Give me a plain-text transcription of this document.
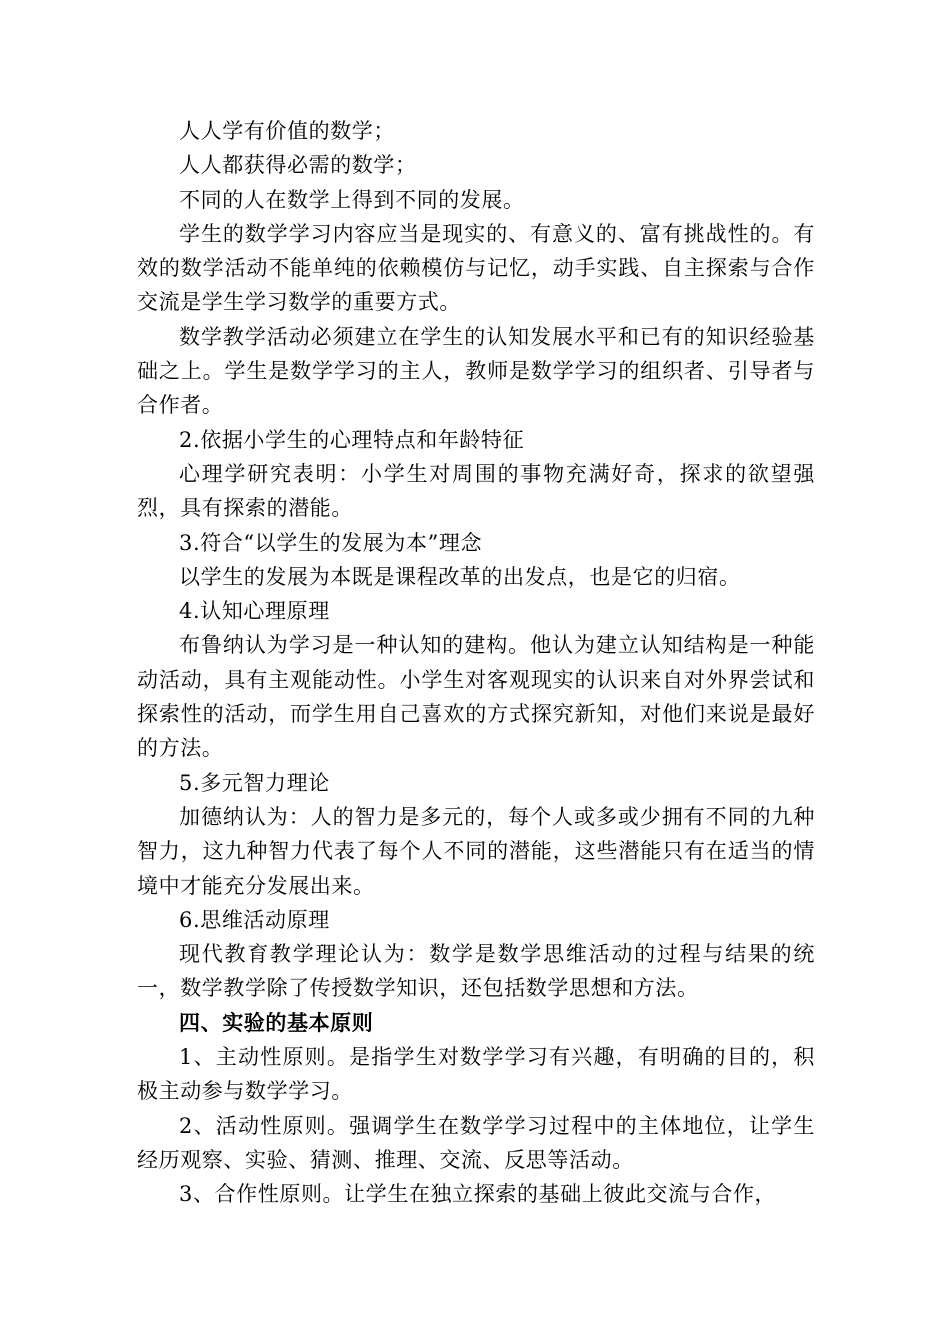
人人学有价值的数学；

人人都获得必需的数学；

不同的人在数学上得到不同的发展。

学生的数学学习内容应当是现实的、有意义的、富有挑战性的。有效的数学活动不能单纯的依赖模仿与记忆，动手实践、自主探索与合作交流是学生学习数学的重要方式。

数学教学活动必须建立在学生的认知发展水平和已有的知识经验基础之上。学生是数学学习的主人，教师是数学学习的组织者、引导者与合作者。

2.依据小学生的心理特点和年龄特征

心理学研究表明：小学生对周围的事物充满好奇，探求的欲望强烈，具有探索的潜能。

3.符合“以学生的发展为本”理念

以学生的发展为本既是课程改革的出发点，也是它的归宿。

4.认知心理原理

布鲁纳认为学习是一种认知的建构。他认为建立认知结构是一种能动活动，具有主观能动性。小学生对客观现实的认识来自对外界尝试和探索性的活动，而学生用自己喜欢的方式探究新知，对他们来说是最好的方法。

5.多元智力理论

加德纳认为：人的智力是多元的，每个人或多或少拥有不同的九种智力，这九种智力代表了每个人不同的潜能，这些潜能只有在适当的情境中才能充分发展出来。

6.思维活动原理

现代教育教学理论认为：数学是数学思维活动的过程与结果的统一，数学教学除了传授数学知识，还包括数学思想和方法。

四、实验的基本原则

1、主动性原则。是指学生对数学学习有兴趣，有明确的目的，积极主动参与数学学习。

2、活动性原则。强调学生在数学学习过程中的主体地位，让学生经历观察、实验、猜测、推理、交流、反思等活动。

3、合作性原则。让学生在独立探索的基础上彼此交流与合作，
